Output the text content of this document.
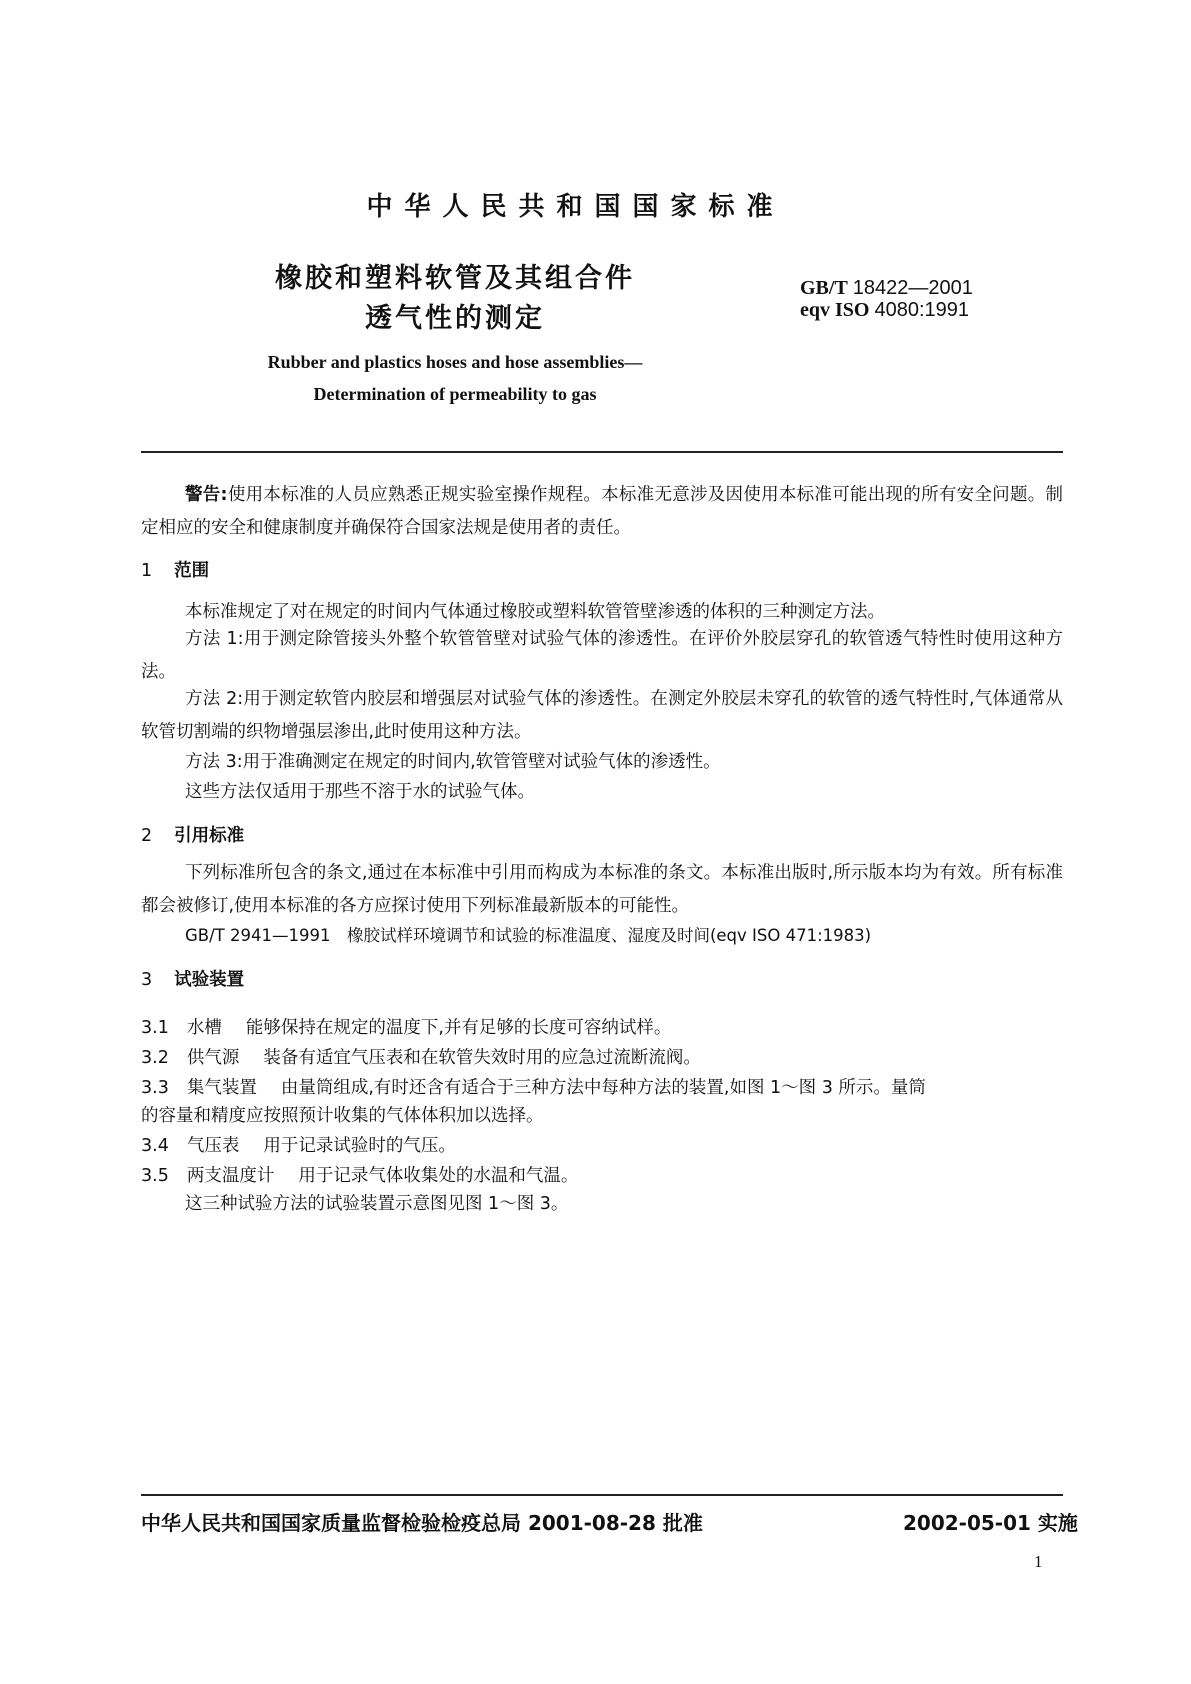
中华人民共和国国家标准
橡胶和塑料软管及其组合件
透气性的测定
GB/T 18422—2001
eqv ISO 4080:1991
Rubber and plastics hoses and hose assemblies—
Determination of permeability to gas
警告:使用本标准的人员应熟悉正规实验室操作规程。本标准无意涉及因使用本标准可能出现的所有安全问题。制定相应的安全和健康制度并确保符合国家法规是使用者的责任。
1 范围
本标准规定了对在规定的时间内气体通过橡胶或塑料软管管壁渗透的体积的三种测定方法。
方法 1:用于测定除管接头外整个软管管壁对试验气体的渗透性。在评价外胶层穿孔的软管透气特性时使用这种方法。
方法 2:用于测定软管内胶层和增强层对试验气体的渗透性。在测定外胶层未穿孔的软管的透气特性时,气体通常从软管切割端的织物增强层渗出,此时使用这种方法。
方法 3:用于准确测定在规定的时间内,软管管壁对试验气体的渗透性。
这些方法仅适用于那些不溶于水的试验气体。
2 引用标准
下列标准所包含的条文,通过在本标准中引用而构成为本标准的条文。本标准出版时,所示版本均为有效。所有标准都会被修订,使用本标准的各方应探讨使用下列标准最新版本的可能性。
GB/T 2941—1991　橡胶试样环境调节和试验的标准温度、湿度及时间(eqv ISO 471:1983)
3 试验装置
3.1 水槽 能够保持在规定的温度下,并有足够的长度可容纳试样。
3.2 供气源 装备有适宜气压表和在软管失效时用的应急过流断流阀。
3.3 集气装置 由量筒组成,有时还含有适合于三种方法中每种方法的装置,如图 1～图 3 所示。量筒
的容量和精度应按照预计收集的气体体积加以选择。
3.4 气压表 用于记录试验时的气压。
3.5 两支温度计 用于记录气体收集处的水温和气温。
这三种试验方法的试验装置示意图见图 1～图 3。
中华人民共和国国家质量监督检验检疫总局 2001-08-28 批准	2002-05-01 实施
1
